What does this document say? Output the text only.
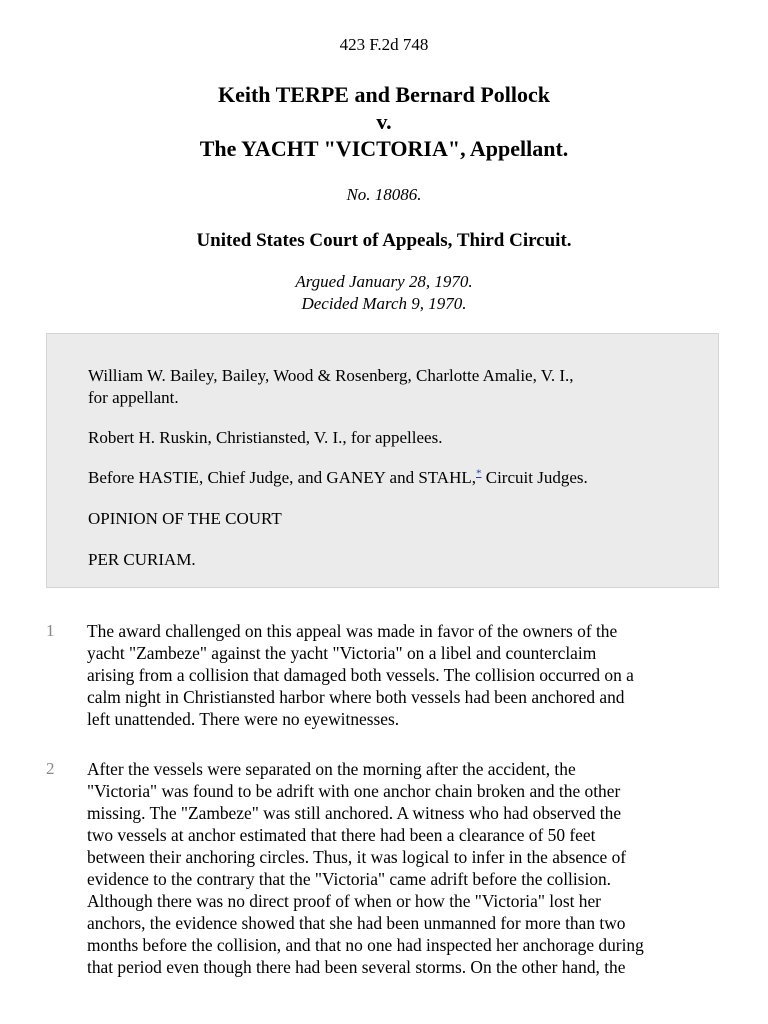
423 F.2d 748
Keith TERPE and Bernard Pollock
v.
The YACHT "VICTORIA", Appellant.
No. 18086.
United States Court of Appeals, Third Circuit.
Argued January 28, 1970.
Decided March 9, 1970.

William W. Bailey, Bailey, Wood & Rosenberg, Charlotte Amalie, V. I.,
for appellant.

Robert H. Ruskin, Christiansted, V. I., for appellees.

Before HASTIE, Chief Judge, and GANEY and STAHL,* Circuit Judges.

OPINION OF THE COURT

PER CURIAM.

1 The award challenged on this appeal was made in favor of the owners of the
yacht "Zambeze" against the yacht "Victoria" on a libel and counterclaim
arising from a collision that damaged both vessels. The collision occurred on a
calm night in Christiansted harbor where both vessels had been anchored and
left unattended. There were no eyewitnesses.

2 After the vessels were separated on the morning after the accident, the
"Victoria" was found to be adrift with one anchor chain broken and the other
missing. The "Zambeze" was still anchored. A witness who had observed the
two vessels at anchor estimated that there had been a clearance of 50 feet
between their anchoring circles. Thus, it was logical to infer in the absence of
evidence to the contrary that the "Victoria" came adrift before the collision.
Although there was no direct proof of when or how the "Victoria" lost her
anchors, the evidence showed that she had been unmanned for more than two
months before the collision, and that no one had inspected her anchorage during
that period even though there had been several storms. On the other hand, the
